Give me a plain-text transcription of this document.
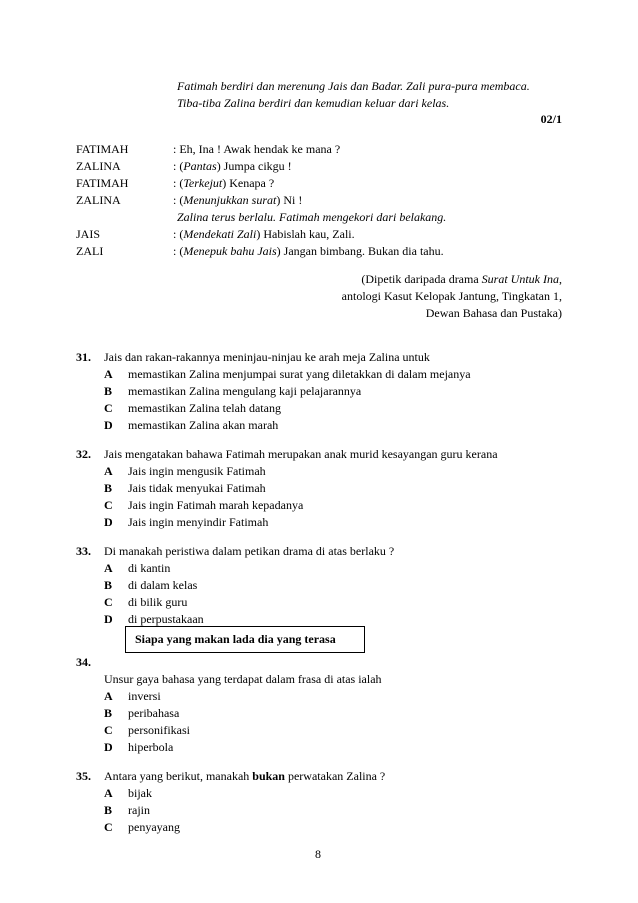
Fatimah berdiri dan merenung Jais dan Badar. Zali pura-pura membaca.
Tiba-tiba Zalina berdiri dan kemudian keluar dari kelas.
02/1
FATIMAH	: Eh, Ina ! Awak hendak ke mana ?
ZALINA	: (Pantas) Jumpa cikgu !
FATIMAH	: (Terkejut) Kenapa ?
ZALINA	: (Menunjukkan surat) Ni !
Zalina terus berlalu. Fatimah mengekori dari belakang.
JAIS	: (Mendekati Zali) Habislah kau, Zali.
ZALI	: (Menepuk bahu Jais) Jangan bimbang. Bukan dia tahu.
(Dipetik daripada drama Surat Untuk Ina,
antologi Kasut Kelopak Jantung, Tingkatan 1,
Dewan Bahasa dan Pustaka)
31. Jais dan rakan-rakannya meninjau-ninjau ke arah meja Zalina untuk
A memastikan Zalina menjumpai surat yang diletakkan di dalam mejanya
B memastikan Zalina mengulang kaji pelajarannya
C memastikan Zalina telah datang
D memastikan Zalina akan marah
32. Jais mengatakan bahawa Fatimah merupakan anak murid kesayangan guru kerana
A Jais ingin mengusik Fatimah
B Jais tidak menyukai Fatimah
C Jais ingin Fatimah marah kepadanya
D Jais ingin menyindir Fatimah
33. Di manakah peristiwa dalam petikan drama di atas berlaku ?
A di kantin
B di dalam kelas
C di bilik guru
D di perpustakaan
34.
Siapa yang makan lada dia yang terasa
Unsur gaya bahasa yang terdapat dalam frasa di atas ialah
A inversi
B peribahasa
C personifikasi
D hiperbola
35. Antara yang berikut, manakah bukan perwatakan Zalina ?
A bijak
B rajin
C penyayang
8
